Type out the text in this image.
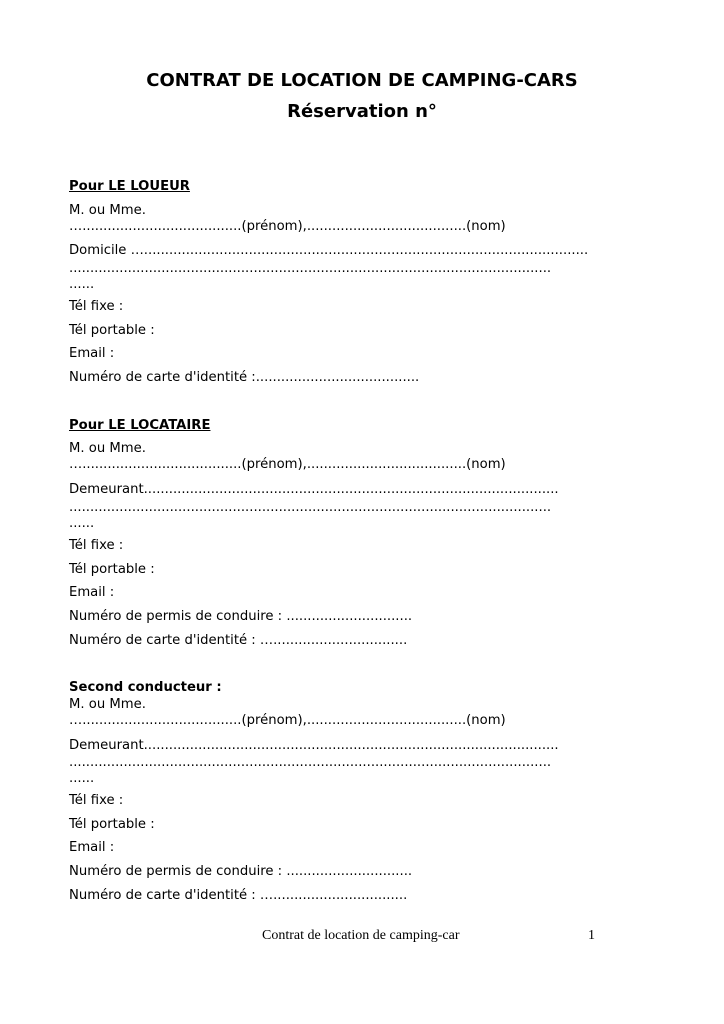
CONTRAT DE LOCATION DE CAMPING-CARS
Réservation n°
Pour LE LOUEUR
M. ou Mme.
…......................................(prénom),......................................(nom)
Domicile …..........................................................................................................
...................................................................................................................
......
Tél fixe :
Tél portable :
Email :
Numéro de carte d'identité :.......................................
Pour LE LOCATAIRE
M. ou Mme.
…......................................(prénom),......................................(nom)
Demeurant...................................................................................................
...................................................................................................................
......
Tél fixe :
Tél portable :
Email :
Numéro de permis de conduire : ..............................
Numéro de carte d'identité : …................................
Second conducteur :
M. ou Mme.
…......................................(prénom),......................................(nom)
Demeurant...................................................................................................
...................................................................................................................
......
Tél fixe :
Tél portable :
Email :
Numéro de permis de conduire : ..............................
Numéro de carte d'identité : …................................
Contrat de location de camping-car	1
